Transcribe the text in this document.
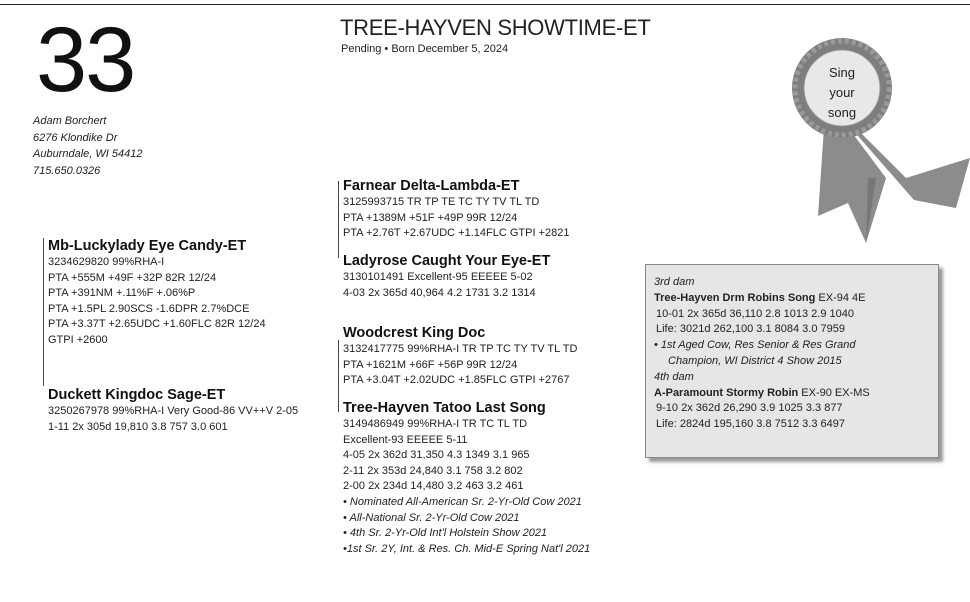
33
Adam Borchert
6276 Klondike Dr
Auburndale, WI 54412
715.650.0326
TREE-HAYVEN SHOWTIME-ET
Pending • Born December 5, 2024
Sing
your
song
Farnear Delta-Lambda-ET
3125993715 TR TP TE TC TY TV TL TD
PTA +1389M +51F +49P 99R 12/24
PTA +2.76T +2.67UDC +1.14FLC GTPI +2821
Ladyrose Caught Your Eye-ET
3130101491 Excellent-95 EEEEE 5-02
4-03 2x 365d 40,964 4.2 1731 3.2 1314
Mb-Luckylady Eye Candy-ET
3234629820 99%RHA-I
PTA +555M +49F +32P 82R 12/24
PTA +391NM +.11%F +.06%P
PTA +1.5PL 2.90SCS -1.6DPR 2.7%DCE
PTA +3.37T +2.65UDC +1.60FLC 82R 12/24
GTPI +2600
Duckett Kingdoc Sage-ET
3250267978 99%RHA-I Very Good-86 VV++V 2-05
1-11 2x 305d 19,810 3.8 757 3.0 601
Woodcrest King Doc
3132417775 99%RHA-I TR TP TC TY TV TL TD
PTA +1621M +66F +56P 99R 12/24
PTA +3.04T +2.02UDC +1.85FLC GTPI +2767
Tree-Hayven Tatoo Last Song
3149486949 99%RHA-I TR TC TL TD
Excellent-93 EEEEE 5-11
4-05 2x 362d 31,350 4.3 1349 3.1 965
2-11 2x 353d 24,840 3.1 758 3.2 802
2-00 2x 234d 14,480 3.2 463 3.2 461
• Nominated All-American Sr. 2-Yr-Old Cow 2021
• All-National Sr. 2-Yr-Old Cow 2021
• 4th Sr. 2-Yr-Old Int'l Holstein Show 2021
•1st Sr. 2Y, Int. & Res. Ch. Mid-E Spring Nat'l 2021
3rd dam
Tree-Hayven Drm Robins Song EX-94 4E
10-01 2x 365d 36,110 2.8 1013 2.9 1040
Life: 3021d 262,100 3.1 8084 3.0 7959
• 1st Aged Cow, Res Senior & Res Grand
Champion, WI District 4 Show 2015
4th dam
A-Paramount Stormy Robin EX-90 EX-MS
9-10 2x 362d 26,290 3.9 1025 3.3 877
Life: 2824d 195,160 3.8 7512 3.3 6497
